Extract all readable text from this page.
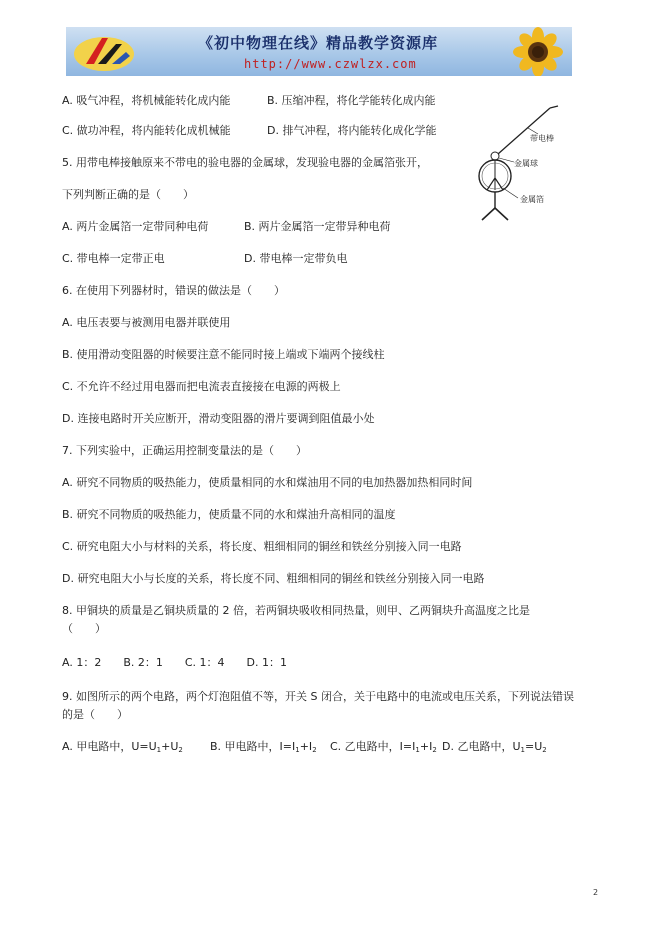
《初中物理在线》精品教学资源库
http://www.czwlzx.com
A. 吸气冲程，将机械能转化成内能	B. 压缩冲程，将化学能转化成内能
C. 做功冲程，将内能转化成机械能	D. 排气冲程，将内能转化成化学能
5. 用带电棒接触原来不带电的验电器的金属球，发现验电器的金属箔张开，
下列判断正确的是（　　）
A. 两片金属箔一定带同种电荷	B. 两片金属箔一定带异种电荷
C. 带电棒一定带正电	D. 带电棒一定带负电
带电棒
金属球
金属箔
6. 在使用下列器材时，错误的做法是（　　）
A. 电压表要与被测用电器并联使用
B. 使用滑动变阻器的时候要注意不能同时接上端或下端两个接线柱
C. 不允许不经过用电器而把电流表直接接在电源的两极上
D. 连接电路时开关应断开，滑动变阻器的滑片要调到阻值最小处
7. 下列实验中，正确运用控制变量法的是（　　）
A. 研究不同物质的吸热能力，使质量相同的水和煤油用不同的电加热器加热相同时间
B. 研究不同物质的吸热能力，使质量不同的水和煤油升高相同的温度
C. 研究电阻大小与材料的关系，将长度、粗细相同的铜丝和铁丝分别接入同一电路
D. 研究电阻大小与长度的关系，将长度不同、粗细相同的铜丝和铁丝分别接入同一电路
8. 甲铜块的质量是乙铜块质量的 2 倍，若两铜块吸收相同热量，则甲、乙两铜块升高温度之比是
（　　）
A. 1：2　　B. 2：1　　C. 1：4　　D. 1：1
9. 如图所示的两个电路，两个灯泡阻值不等，开关 S 闭合，关于电路中的电流或电压关系，下列说法错误
的是（　　）
A. 甲电路中，$U=U_1+U_2$ B. 甲电路中，$I=I_1+I_2$ C. 乙电路中，$I=I_1+I_2$ D. 乙电路中，$U_1=U_2$
2
